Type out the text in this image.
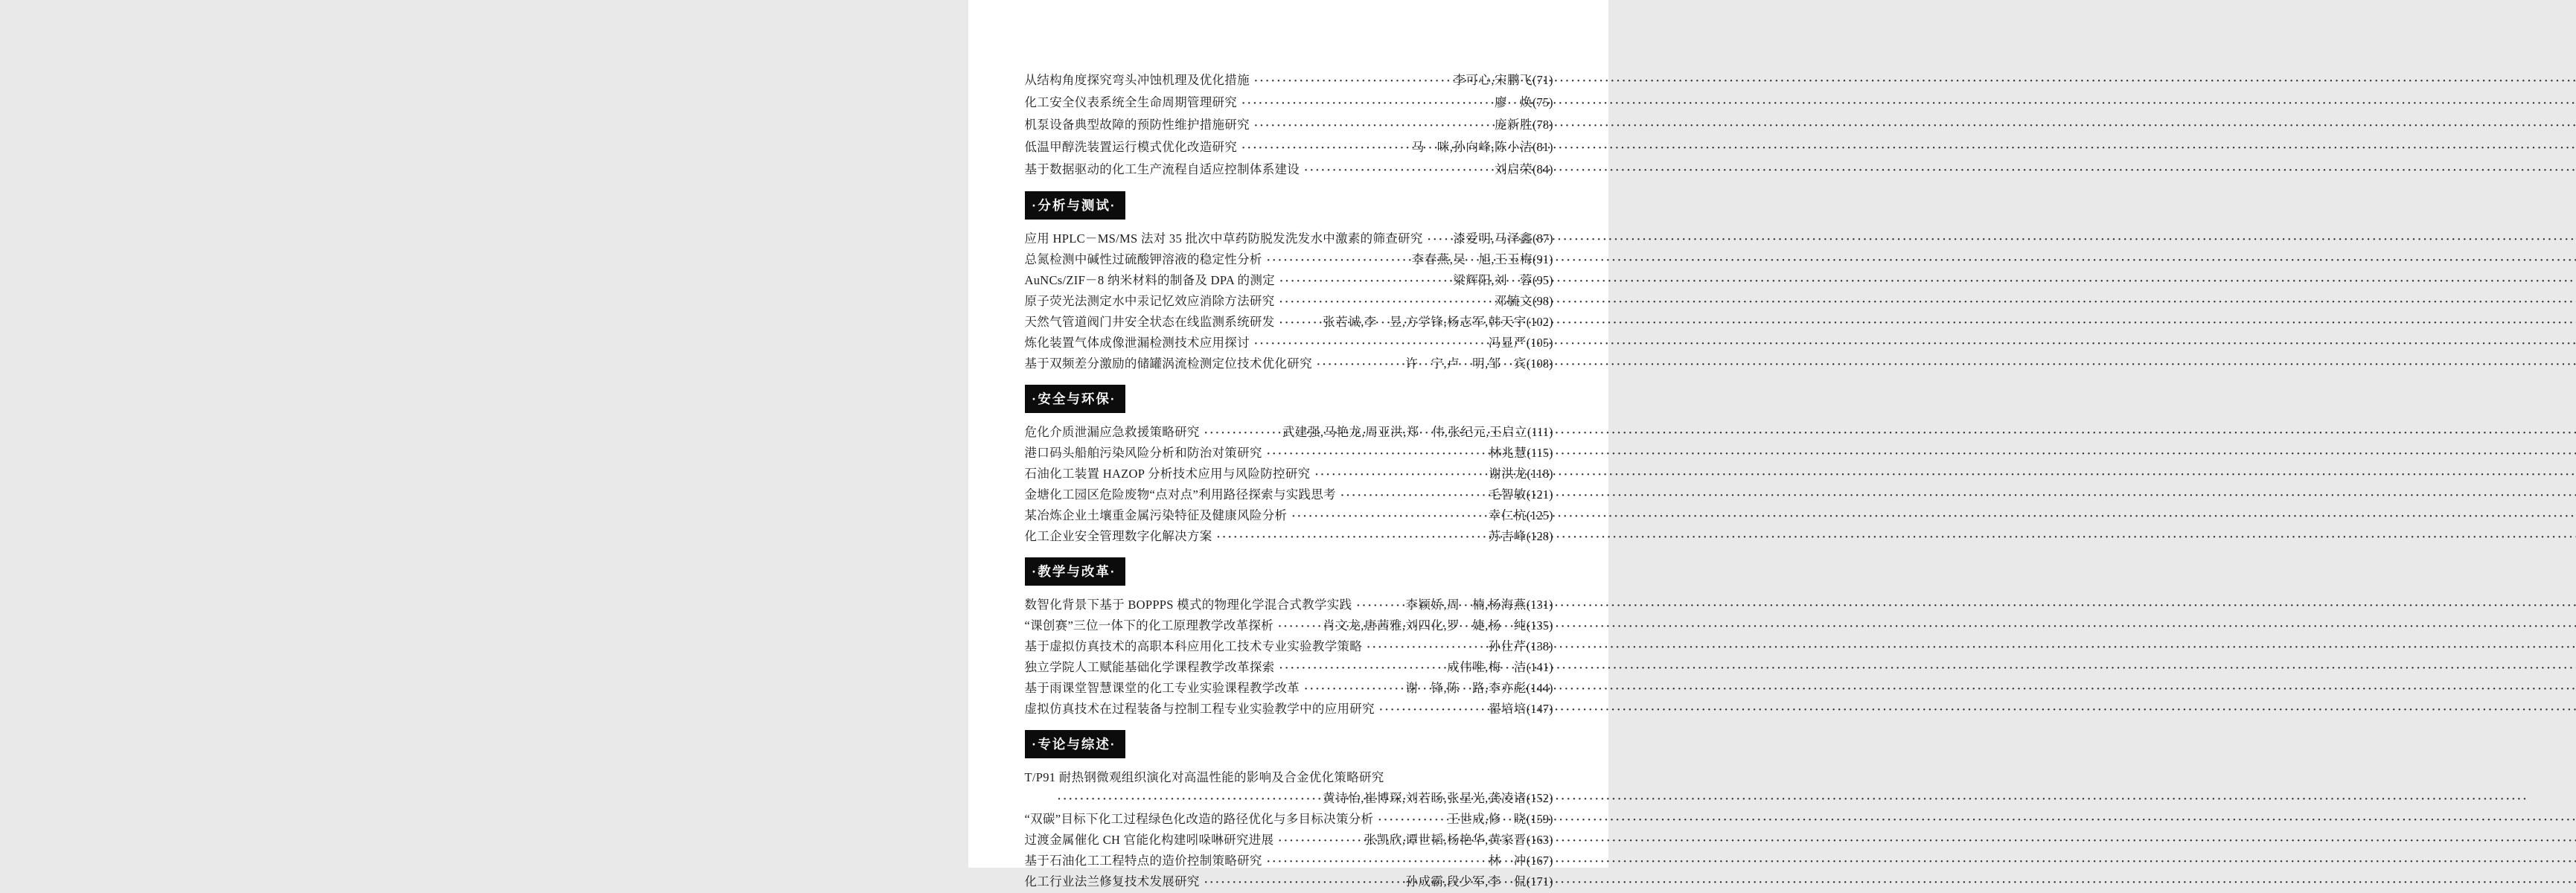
从结构角度探究弯头冲蚀机理及优化措施 ·····	李可心,宋鹏飞 (71)
化工安全仪表系统全生命周期管理研究 ·····	廖　焕 (75)
机泵设备典型故障的预防性维护措施研究 ·····	庞新胜 (78)
低温甲醇洗装置运行模式优化改造研究 ·····	马　咪,孙向峰,陈小洁 (81)
基于数据驱动的化工生产流程自适应控制体系建设 ·····	刘启荣 (84)
·分析与测试·
应用 HPLC－MS/MS 法对 35 批次中草药防脱发洗发水中激素的筛查研究 ····· 漆爱明,马泽鑫 (87)
总氮检测中碱性过硫酸钾溶液的稳定性分析 ·····	李春燕,吴　旭,王玉梅 (91)
AuNCs/ZIF－8 纳米材料的制备及 DPA 的测定 ·····	梁辉阳,刘　蓉 (95)
原子荧光法测定水中汞记忆效应消除方法研究 ·····	邓毓文 (98)
天然气管道阀门井安全状态在线监测系统研发 ·····	张若诚,李　昱,方学锋,杨志军,韩天宇 (102)
炼化装置气体成像泄漏检测技术应用探讨 ·····	冯显严 (105)
基于双频差分激励的储罐涡流检测定位技术优化研究 ·····	许　宁,卢　明,邹　宾 (108)
·安全与环保·
危化介质泄漏应急救援策略研究 ·····	武建强,马艳龙,周亚洪,郑　伟,张纪元,王启立 (111)
港口码头船舶污染风险分析和防治对策研究 ·····	林兆慧 (115)
石油化工装置 HAZOP 分析技术应用与风险防控研究 ·····	谢洪龙 (118)
金塘化工园区危险废物“点对点”利用路径探索与实践思考 ·····	毛智敏 (121)
某冶炼企业土壤重金属污染特征及健康风险分析 ·····	幸仁杭 (125)
化工企业安全管理数字化解决方案 ·····	苏吉峰 (128)
·教学与改革·
数智化背景下基于 BOPPPS 模式的物理化学混合式教学实践 ·····	李颖娇,周　楠,杨海燕 (131)
“课创赛”三位一体下的化工原理教学改革探析 ·····	肖文龙,唐茜雅,刘四化,罗　婕,杨　纯 (135)
基于虚拟仿真技术的高职本科应用化工技术专业实验教学策略 ·····	孙仕芹 (138)
独立学院人工赋能基础化学课程教学改革探索 ·····	成伟唯,梅　洁 (141)
基于雨课堂智慧课堂的化工专业实验课程教学改革 ·····	谢　锋,陈　路,李亦彪 (144)
虚拟仿真技术在过程装备与控制工程专业实验教学中的应用研究 ·····	翟培培 (147)
·专论与综述·
T/P91 耐热钢微观组织演化对高温性能的影响及合金优化策略研究
·····
黄诗怡,崔博琛,刘若旸,张星光,龚凌诸 (152)
“双碳”目标下化工过程绿色化改造的路径优化与多目标决策分析 ·····	王世成,修　晓 (159)
过渡金属催化 CH 官能化构建吲哚啉研究进展 ·····	张凯欣,谭世韬,杨艳华,黄家晋 (163)
基于石油化工工程特点的造价控制策略研究 ·····	林　冲 (167)
化工行业法兰修复技术发展研究 ·····	孙成霸,段少军,李　侃 (171)
